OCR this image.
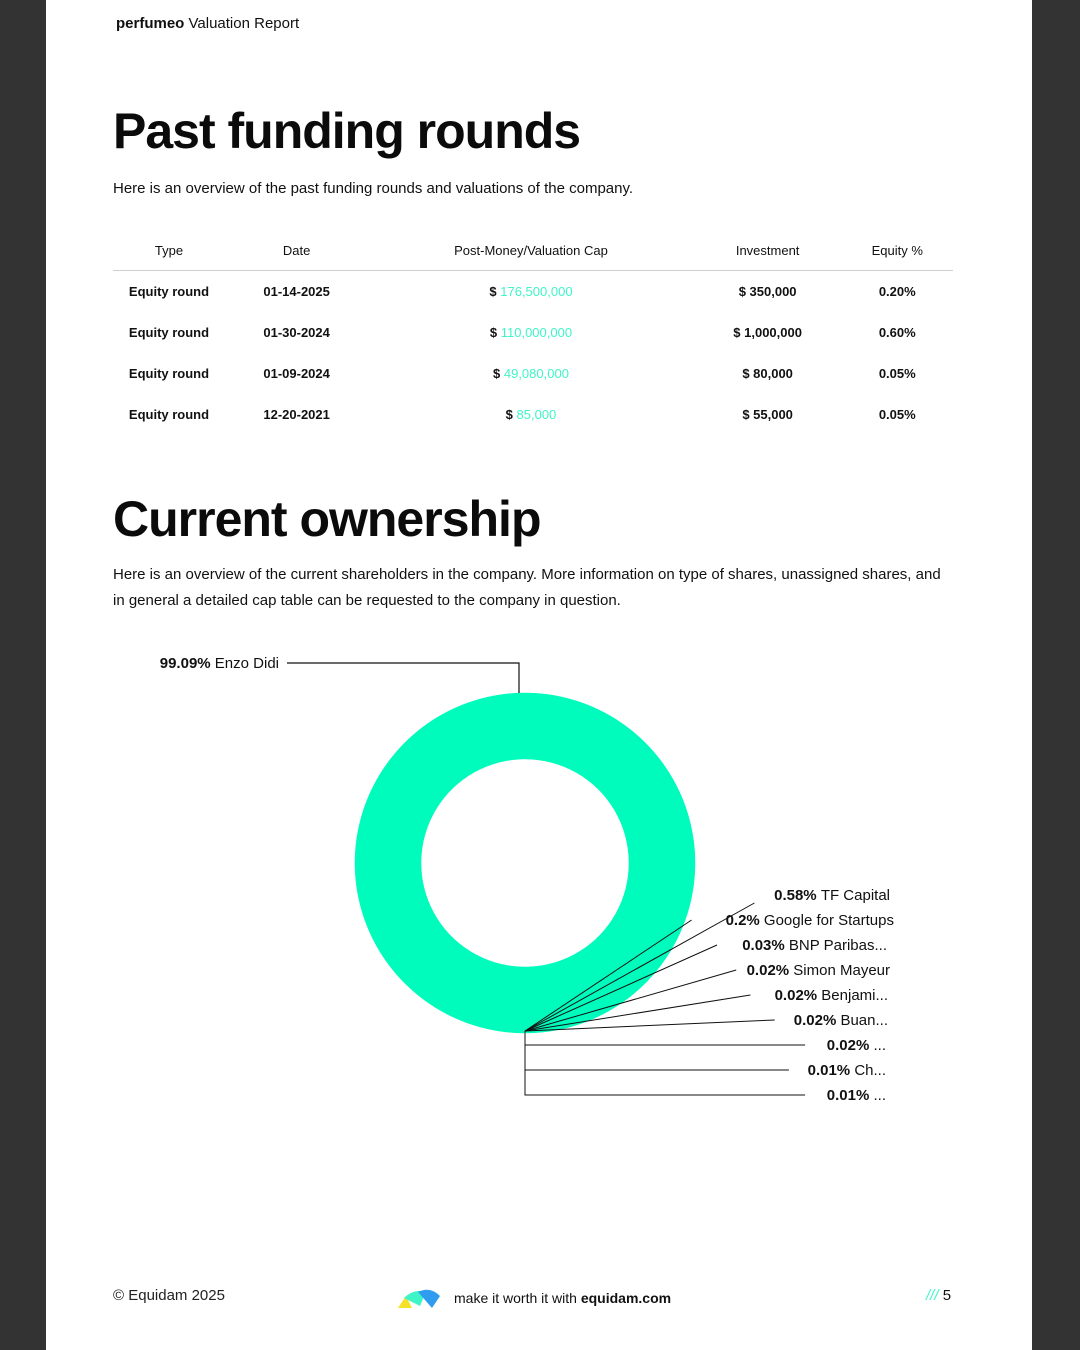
perfumeo Valuation Report
Past funding rounds
Here is an overview of the past funding rounds and valuations of the company.
Type	Date	Post-Money/Valuation Cap	Investment	Equity %
Equity round	01-14-2025	$ 176,500,000	$ 350,000	0.20%
Equity round	01-30-2024	$ 110,000,000	$ 1,000,000	0.60%
Equity round	01-09-2024	$ 49,080,000	$ 80,000	0.05%
Equity round	12-20-2021	$ 85,000	$ 55,000	0.05%
Current ownership
Here is an overview of the current shareholders in the company. More information on type of shares, unassigned shares, and
in general a detailed cap table can be requested to the company in question.
99.09% Enzo Didi
0.58% TF Capital
0.2% Google for Startups
0.03% BNP Paribas...
0.02% Simon Mayeur
0.02% Benjami...
0.02% Buan...
0.02% ...
0.01% Ch...
0.01% ...
© Equidam 2025	make it worth it with equidam.com	/// 5
